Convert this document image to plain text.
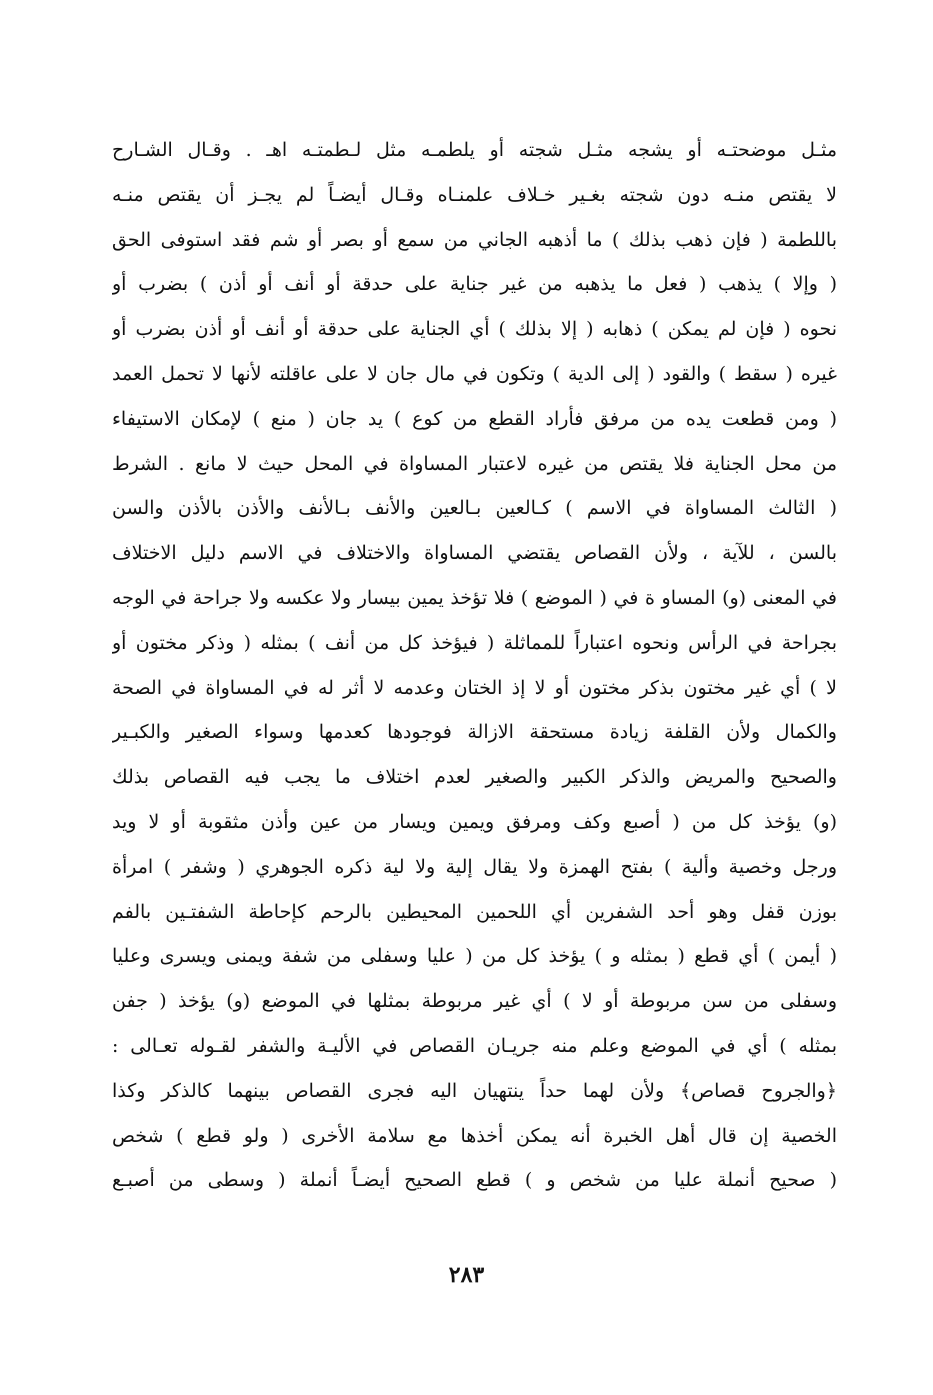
مثـل موضحتـه أو يشجه مثـل شجته أو يلطمـه مثل لـطمتـه اهـ . وقـال الشـارح
لا يقتص منـه دون شجته بغـير خـلاف علمنـاه وقـال أيضـاً لم يجـز أن يقتص منـه
باللطمة ( فإن ذهب بذلك ) ما أذهبه الجاني من سمع أو بصر أو شم فقد استوفى الحق
( وإلا ) يذهب ( فعل ما يذهبه من غير جناية على حدقة أو أنف أو أذن ) بضرب أو
نحوه ( فإن لم يمكن ) ذهابه ( إلا بذلك ) أي الجناية على حدقة أو أنف أو أذن بضرب أو
غيره ( سقط ) والقود ( إلى الدية ) وتكون في مال جان لا على عاقلته لأنها لا تحمل العمد
( ومن قطعت يده من مرفق فأراد القطع من كوع ) يد جان ( منع ) لإمكان الاستيفاء
من محل الجناية فلا يقتص من غيره لاعتبار المساواة في المحل حيث لا مانع . الشرط
( الثالث المساواة في الاسم ) كـالعين بـالعين والأنف بـالأنف والأذن بالأذن والسن
بالسن ، للآية ، ولأن القصاص يقتضي المساواة والاختلاف في الاسم دليل الاختلاف
في المعنى (و) المساو ة في ( الموضع ) فلا تؤخذ يمين بيسار ولا عكسه ولا جراحة في الوجه
بجراحة في الرأس ونحوه اعتباراً للمماثلة ( فيؤخذ كل من أنف ) بمثله ( وذكر مختون أو
لا ) أي غير مختون بذكر مختون أو لا إذ الختان وعدمه لا أثر له في المساواة في الصحة
والكمال ولأن القلفة زيادة مستحقة الازالة فوجودها كعدمها وسواء الصغير والكبـير
والصحيح والمريض والذكر الكبير والصغير لعدم اختلاف ما يجب فيه القصاص بذلك
(و) يؤخذ كل من ( أصبع وكف ومرفق ويمين ويسار من عين وأذن مثقوبة أو لا ويد
ورجل وخصية وألية ) بفتح الهمزة ولا يقال إلية ولا لية ذكره الجوهري ( وشفر ) امرأة
بوزن قفل وهو أحد الشفرين أي اللحمين المحيطين بالرحم كإحاطة الشفتـين بالفم
( أيمن ) أي قطع ( بمثله و ) يؤخذ كل من ( عليا وسفلى من شفة ويمنى ويسرى وعليا
وسفلى من سن مربوطة أو لا ) أي غير مربوطة بمثلها في الموضع (و) يؤخذ ( جفن
بمثله ) أي في الموضع وعلم منه جريـان القصاص في الأليـة والشفر لقـوله تعـالى :
﴿والجروح قصاص﴾ ولأن لهما حداً ينتهيان اليه فجرى القصاص بينهما كالذكر وكذا
الخصية إن قال أهل الخبرة أنه يمكن أخذها مع سلامة الأخرى ( ولو قطع ) شخص
( صحيح أنملة عليا من شخص و ) قطع الصحيح أيضـاً أنملة ( وسطى من أصبـع
٢٨٣
